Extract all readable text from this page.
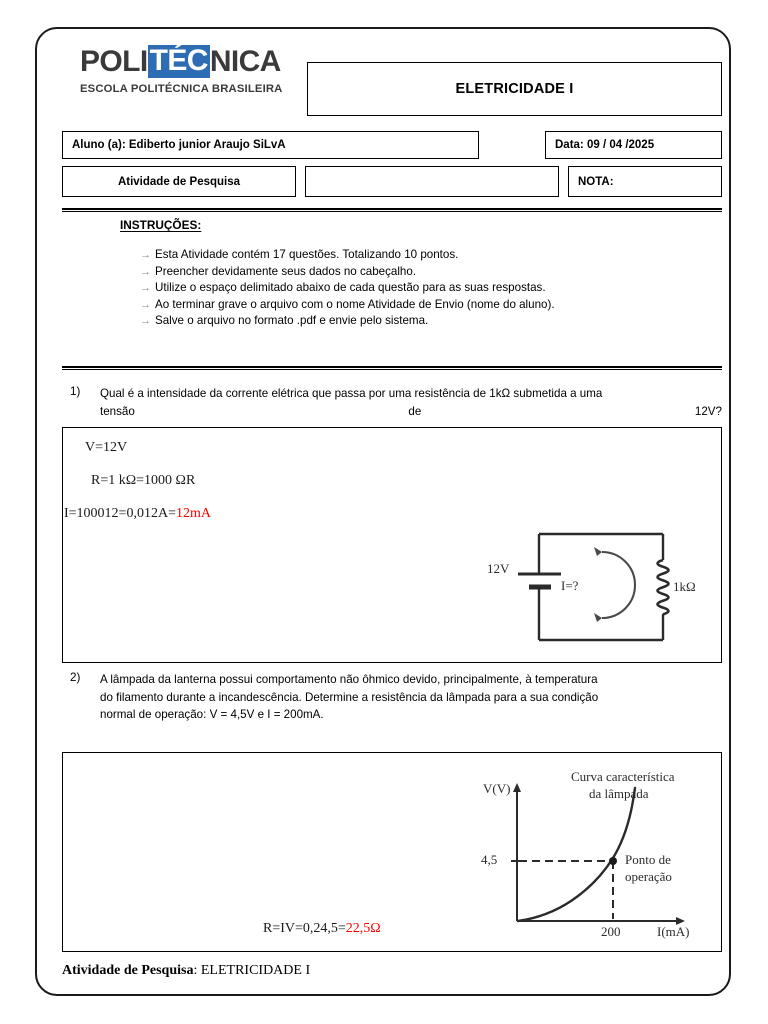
POLI TÉC NICA
ESCOLA POLITÉCNICA BRASILEIRA	ELETRICIDADE I
Aluno (a): Ediberto junior Araujo SiLvA	Data: 09 / 04 /2025
Atividade de Pesquisa	NOTA:
INSTRUÇÕES:
→ Esta Atividade contém 17 questões. Totalizando 10 pontos.
→ Preencher devidamente seus dados no cabeçalho.
→ Utilize o espaço delimitado abaixo de cada questão para as suas respostas.
→ Ao terminar grave o arquivo com o nome Atividade de Envio (nome do aluno).
→ Salve o arquivo no formato .pdf e envie pelo sistema.
1) Qual é a intensidade da corrente elétrica que passa por uma resistência de 1kΩ submetida a uma
tensão	de	12V?
V=12V
R=1 kΩ=1000 ΩR
I=100012=0,012A=12mA
12V
I=?	1kΩ
2) A lâmpada da lanterna possui comportamento não ôhmico devido, principalmente, à temperatura
do filamento durante a incandescência. Determine a resistência da lâmpada para a sua condição
normal de operação: V = 4,5V e I = 200mA.
V(V)
I(mA)
Curva característica
da lâmpada
4,5
200
Ponto de
operação
R=IV=0,24,5=22,5Ω
Atividade de Pesquisa: ELETRICIDADE I
